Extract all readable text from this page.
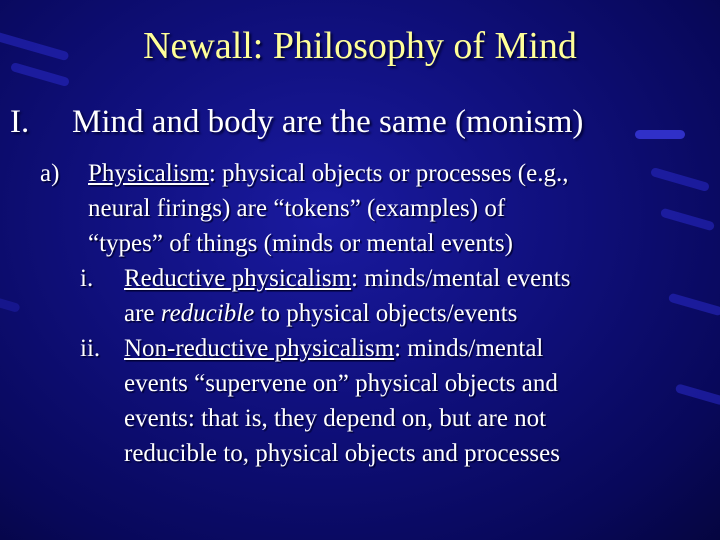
Newall: Philosophy of Mind
I. Mind and body are the same (monism)
a) Physicalism: physical objects or processes (e.g.,
neural firings) are “tokens” (examples) of
“types” of things (minds or mental events)
i. Reductive physicalism: minds/mental events
are reducible to physical objects/events
ii. Non-reductive physicalism: minds/mental
events “supervene on” physical objects and
events: that is, they depend on, but are not
reducible to, physical objects and processes
